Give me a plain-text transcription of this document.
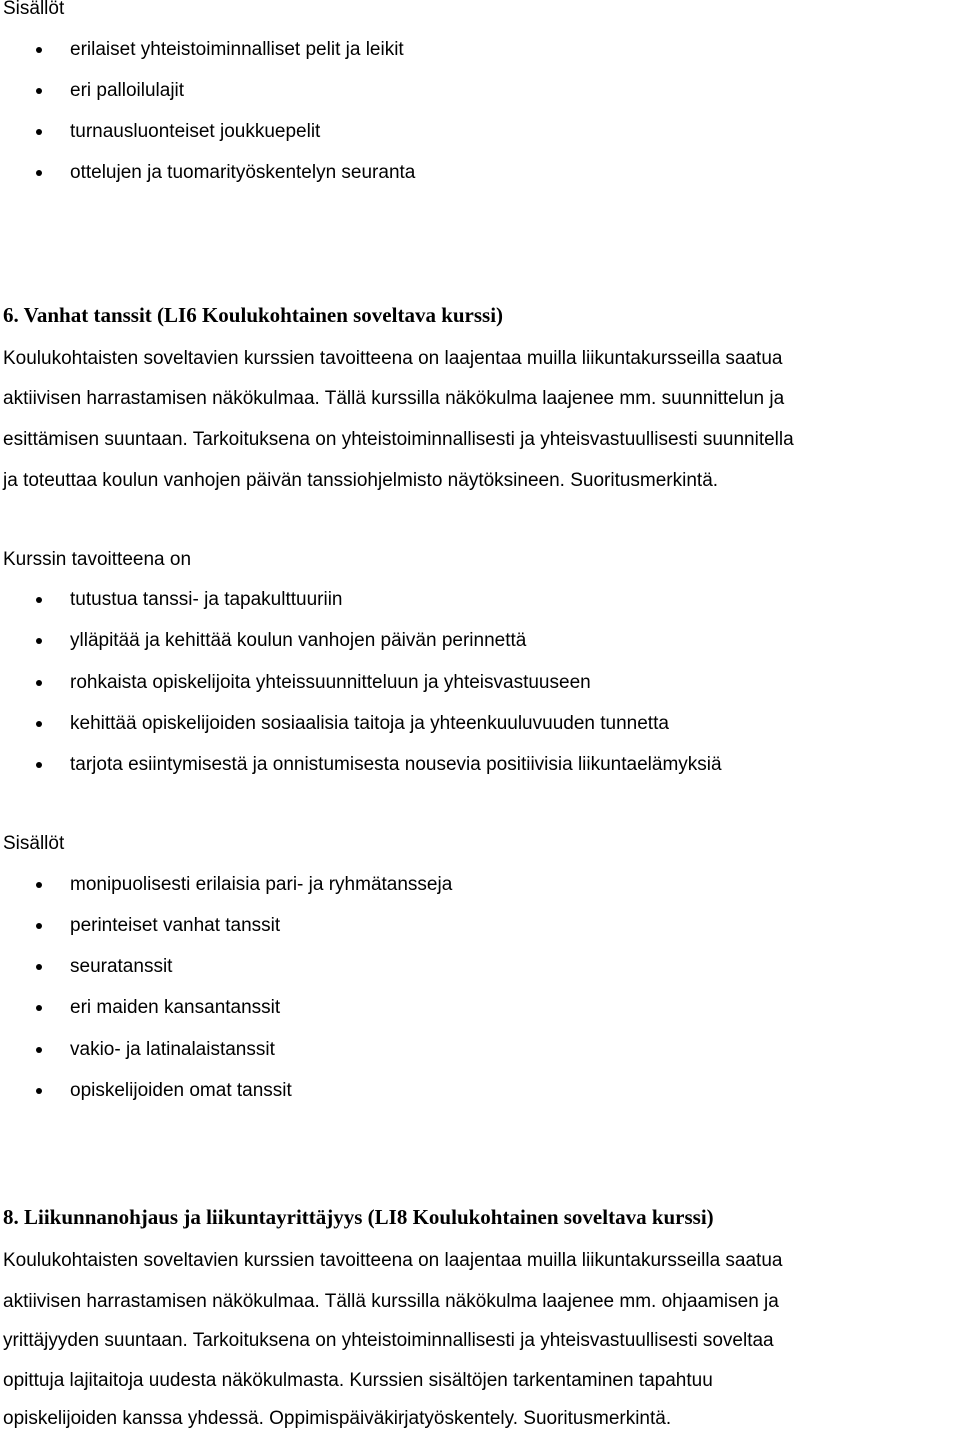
Sisällöt
erilaiset yhteistoiminnalliset pelit ja leikit
eri palloilulajit
turnausluonteiset joukkuepelit
ottelujen ja tuomarityöskentelyn seuranta
6. Vanhat tanssit (LI6 Koulukohtainen soveltava kurssi)
Koulukohtaisten soveltavien kurssien tavoitteena on laajentaa muilla liikuntakursseilla saatua
aktiivisen harrastamisen näkökulmaa. Tällä kurssilla näkökulma laajenee mm. suunnittelun ja
esittämisen suuntaan. Tarkoituksena on yhteistoiminnallisesti ja yhteisvastuullisesti suunnitella
ja toteuttaa koulun vanhojen päivän tanssiohjelmisto näytöksineen. Suoritusmerkintä.
Kurssin tavoitteena on
tutustua tanssi- ja tapakulttuuriin
ylläpitää ja kehittää koulun vanhojen päivän perinnettä
rohkaista opiskelijoita yhteissuunnitteluun ja yhteisvastuuseen
kehittää opiskelijoiden sosiaalisia taitoja ja yhteenkuuluvuuden tunnetta
tarjota esiintymisestä ja onnistumisesta nousevia positiivisia liikuntaelämyksiä
Sisällöt
monipuolisesti erilaisia pari- ja ryhmätansseja
perinteiset vanhat tanssit
seuratanssit
eri maiden kansantanssit
vakio- ja latinalaistanssit
opiskelijoiden omat tanssit
8. Liikunnanohjaus ja liikuntayrittäjyys (LI8 Koulukohtainen soveltava kurssi)
Koulukohtaisten soveltavien kurssien tavoitteena on laajentaa muilla liikuntakursseilla saatua
aktiivisen harrastamisen näkökulmaa. Tällä kurssilla näkökulma laajenee mm. ohjaamisen ja
yrittäjyyden suuntaan. Tarkoituksena on yhteistoiminnallisesti ja yhteisvastuullisesti soveltaa
opittuja lajitaitoja uudesta näkökulmasta. Kurssien sisältöjen tarkentaminen tapahtuu
opiskelijoiden kanssa yhdessä. Oppimispäiväkirjatyöskentely. Suoritusmerkintä.
